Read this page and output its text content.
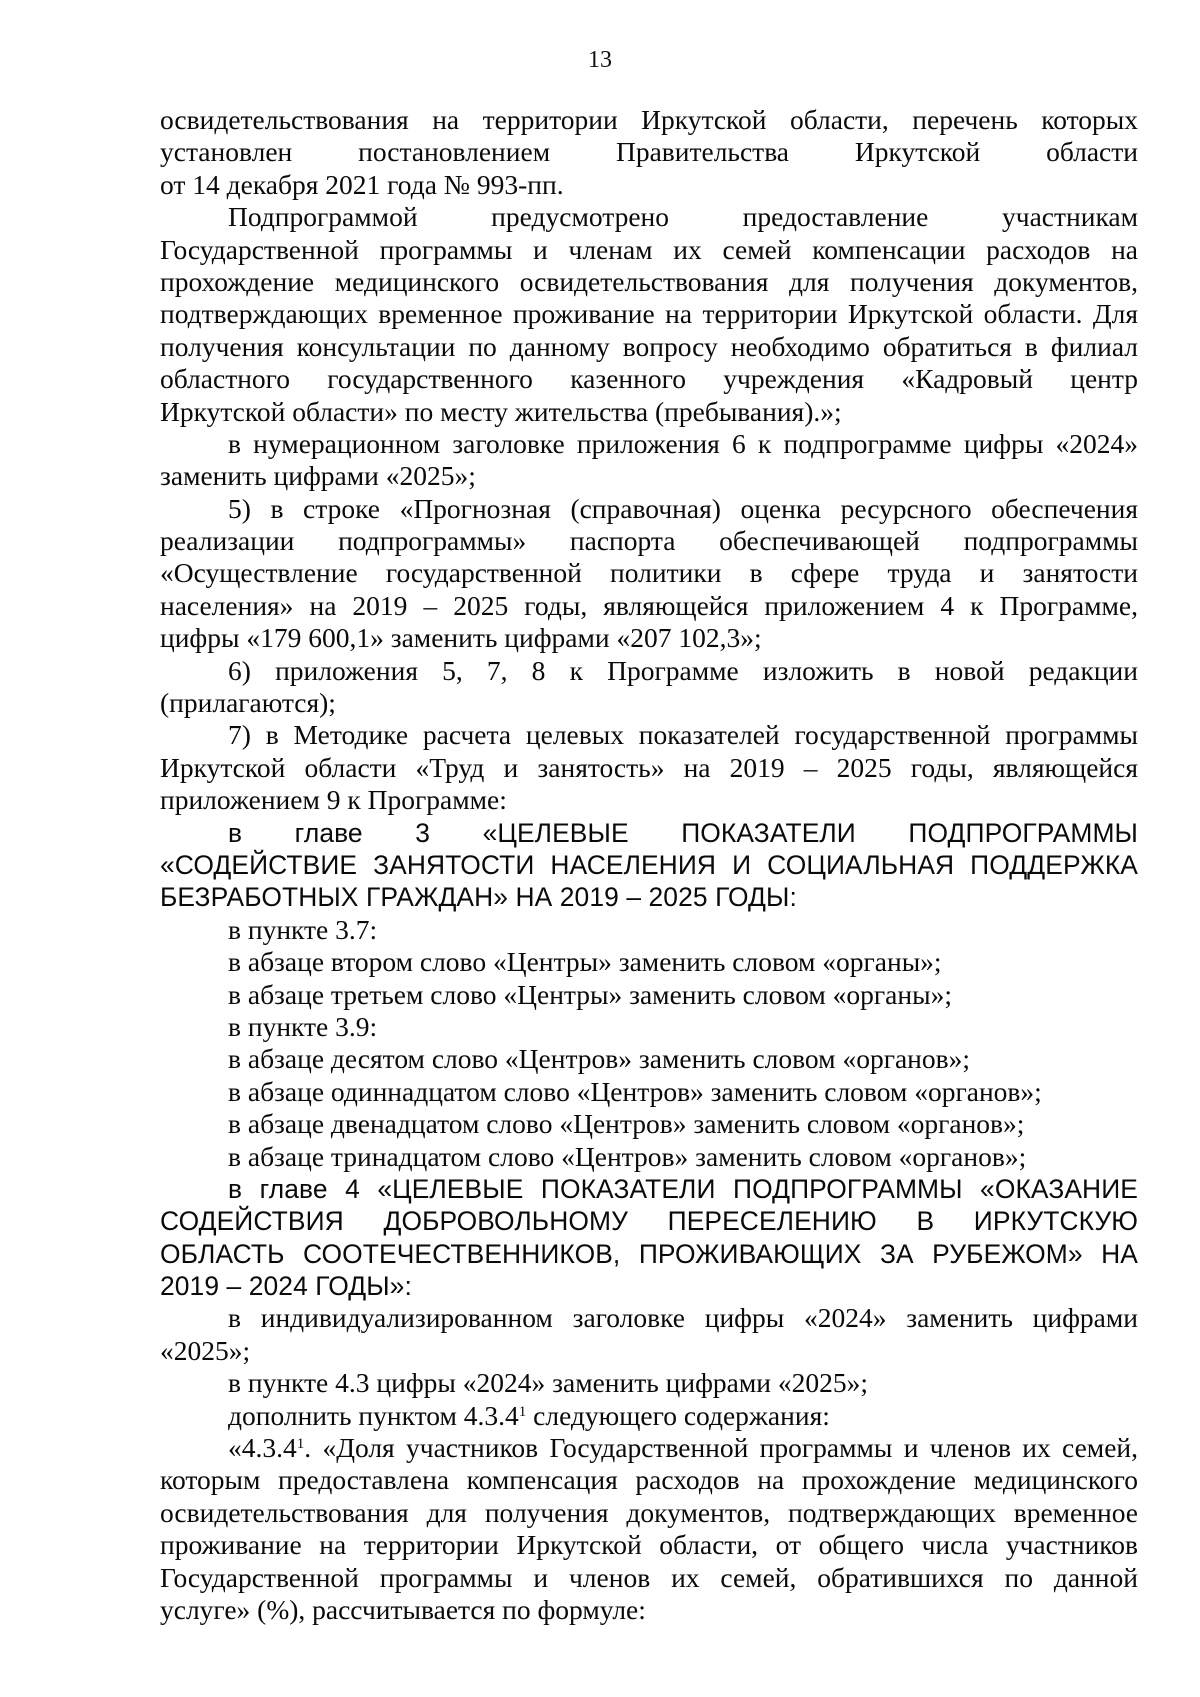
13
освидетельствования на территории Иркутской области, перечень которых
установлен постановлением Правительства Иркутской области
от 14 декабря 2021 года № 993-пп.
Подпрограммой предусмотрено предоставление участникам
Государственной программы и членам их семей компенсации расходов на
прохождение медицинского освидетельствования для получения документов,
подтверждающих временное проживание на территории Иркутской области. Для
получения консультации по данному вопросу необходимо обратиться в филиал
областного государственного казенного учреждения «Кадровый центр
Иркутской области» по месту жительства (пребывания).»;
в нумерационном заголовке приложения 6 к подпрограмме цифры «2024»
заменить цифрами «2025»;
5) в строке «Прогнозная (справочная) оценка ресурсного обеспечения
реализации подпрограммы» паспорта обеспечивающей подпрограммы
«Осуществление государственной политики в сфере труда и занятости
населения» на 2019 – 2025 годы, являющейся приложением 4 к Программе,
цифры «179 600,1» заменить цифрами «207 102,3»;
6) приложения 5, 7, 8 к Программе изложить в новой редакции
(прилагаются);
7) в Методике расчета целевых показателей государственной программы
Иркутской области «Труд и занятость» на 2019 – 2025 годы, являющейся
приложением 9 к Программе:
в главе 3 «ЦЕЛЕВЫЕ ПОКАЗАТЕЛИ ПОДПРОГРАММЫ
«СОДЕЙСТВИЕ ЗАНЯТОСТИ НАСЕЛЕНИЯ И СОЦИАЛЬНАЯ ПОДДЕРЖКА
БЕЗРАБОТНЫХ ГРАЖДАН» НА 2019 – 2025 ГОДЫ:
в пункте 3.7:
в абзаце втором слово «Центры» заменить словом «органы»;
в абзаце третьем слово «Центры» заменить словом «органы»;
в пункте 3.9:
в абзаце десятом слово «Центров» заменить словом «органов»;
в абзаце одиннадцатом слово «Центров» заменить словом «органов»;
в абзаце двенадцатом слово «Центров» заменить словом «органов»;
в абзаце тринадцатом слово «Центров» заменить словом «органов»;
в главе 4 «ЦЕЛЕВЫЕ ПОКАЗАТЕЛИ ПОДПРОГРАММЫ «ОКАЗАНИЕ
СОДЕЙСТВИЯ ДОБРОВОЛЬНОМУ ПЕРЕСЕЛЕНИЮ В ИРКУТСКУЮ
ОБЛАСТЬ СООТЕЧЕСТВЕННИКОВ, ПРОЖИВАЮЩИХ ЗА РУБЕЖОМ» НА
2019 – 2024 ГОДЫ»:
в индивидуализированном заголовке цифры «2024» заменить цифрами
«2025»;
в пункте 4.3 цифры «2024» заменить цифрами «2025»;
дополнить пунктом 4.3.4$^1$ следующего содержания:
«4.3.4$^1$. «Доля участников Государственной программы и членов их семей,
которым предоставлена компенсация расходов на прохождение медицинского
освидетельствования для получения документов, подтверждающих временное
проживание на территории Иркутской области, от общего числа участников
Государственной программы и членов их семей, обратившихся по данной
услуге» (%), рассчитывается по формуле:
